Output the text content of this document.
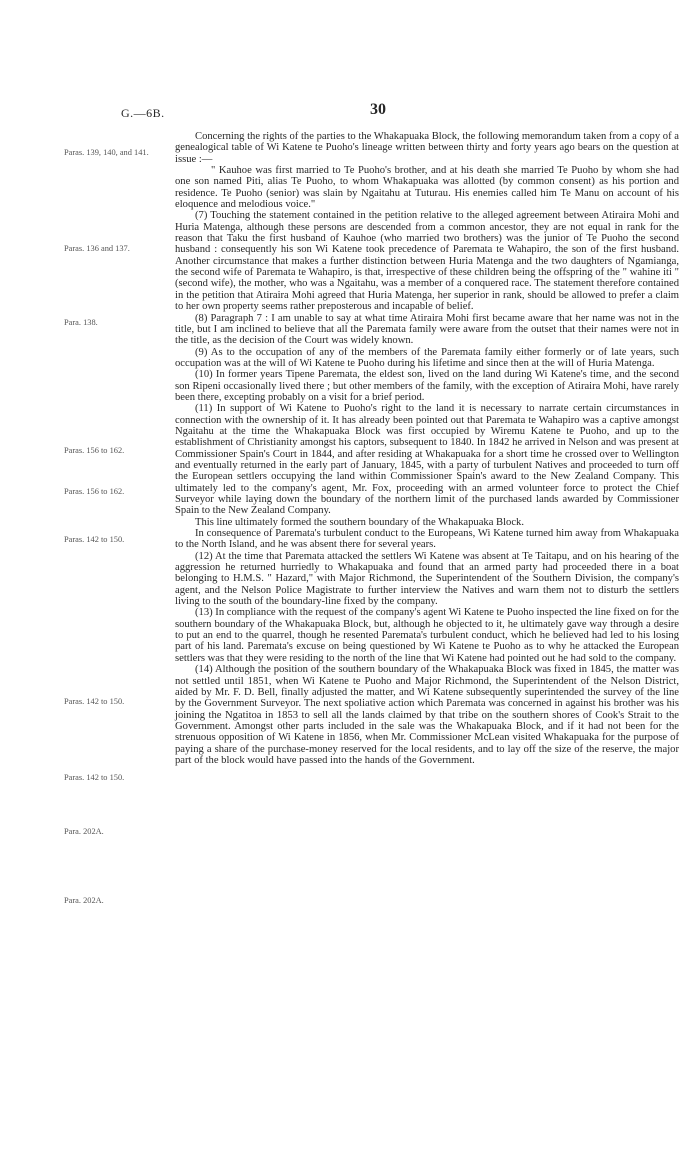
G.—6B.	30
Paras. 139, 140, and 141.
Paras. 136 and 137.
Para. 138.
Paras. 156 to 162.
Paras. 156 to 162.
Paras. 142 to 150.
Paras. 142 to 150.
Paras. 142 to 150.
Para. 202A.
Para. 202A.

Concerning the rights of the parties to the Whakapuaka Block, the following memorandum taken from a copy of a genealogical table of Wi Katene te Puoho's lineage written between thirty and forty years ago bears on the question at issue :—

" Kauhoe was first married to Te Puoho's brother, and at his death she married Te Puoho by whom she had one son named Piti, alias Te Puoho, to whom Whakapuaka was allotted (by common consent) as his portion and residence. Te Puoho (senior) was slain by Ngaitahu at Tuturau. His enemies called him Te Manu on account of his eloquence and melodious voice."

(7) Touching the statement contained in the petition relative to the alleged agreement between Atiraira Mohi and Huria Matenga, although these persons are descended from a common ancestor, they are not equal in rank for the reason that Taku the first husband of Kauhoe (who married two brothers) was the junior of Te Puoho the second husband : consequently his son Wi Katene took precedence of Paremata te Wahapiro, the son of the first husband. Another circumstance that makes a further distinction between Huria Matenga and the two daughters of Ngamianga, the second wife of Paremata te Wahapiro, is that, irrespective of these children being the offspring of the " wahine iti " (second wife), the mother, who was a Ngaitahu, was a member of a conquered race. The statement therefore contained in the petition that Atiraira Mohi agreed that Huria Matenga, her superior in rank, should be allowed to prefer a claim to her own property seems rather preposterous and incapable of belief.

(8) Paragraph 7 : I am unable to say at what time Atiraira Mohi first became aware that her name was not in the title, but I am inclined to believe that all the Paremata family were aware from the outset that their names were not in the title, as the decision of the Court was widely known.

(9) As to the occupation of any of the members of the Paremata family either formerly or of late years, such occupation was at the will of Wi Katene te Puoho during his lifetime and since then at the will of Huria Matenga.

(10) In former years Tipene Paremata, the eldest son, lived on the land during Wi Katene's time, and the second son Ripeni occasionally lived there ; but other members of the family, with the exception of Atiraira Mohi, have rarely been there, excepting probably on a visit for a brief period.

(11) In support of Wi Katene to Puoho's right to the land it is necessary to narrate certain circumstances in connection with the ownership of it. It has already been pointed out that Paremata te Wahapiro was a captive amongst Ngaitahu at the time the Whakapuaka Block was first occupied by Wiremu Katene te Puoho, and up to the establishment of Christianity amongst his captors, subsequent to 1840. In 1842 he arrived in Nelson and was present at Commissioner Spain's Court in 1844, and after residing at Whakapuaka for a short time he crossed over to Wellington and eventually returned in the early part of January, 1845, with a party of turbulent Natives and proceeded to turn off the European settlers occupying the land within Commissioner Spain's award to the New Zealand Company. This ultimately led to the company's agent, Mr. Fox, proceeding with an armed volunteer force to protect the Chief Surveyor while laying down the boundary of the northern limit of the purchased lands awarded by Commissioner Spain to the New Zealand Company.

This line ultimately formed the southern boundary of the Whakapuaka Block.

In consequence of Paremata's turbulent conduct to the Europeans, Wi Katene turned him away from Whakapuaka to the North Island, and he was absent there for several years.

(12) At the time that Paremata attacked the settlers Wi Katene was absent at Te Taitapu, and on his hearing of the aggression he returned hurriedly to Whakapuaka and found that an armed party had proceeded there in a boat belonging to H.M.S. " Hazard," with Major Richmond, the Superintendent of the Southern Division, the company's agent, and the Nelson Police Magistrate to further interview the Natives and warn them not to disturb the settlers living to the south of the boundary-line fixed by the company.

(13) In compliance with the request of the company's agent Wi Katene te Puoho inspected the line fixed on for the southern boundary of the Whakapuaka Block, but, although he objected to it, he ultimately gave way through a desire to put an end to the quarrel, though he resented Paremata's turbulent conduct, which he believed had led to his losing part of his land. Paremata's excuse on being questioned by Wi Katene te Puoho as to why he attacked the European settlers was that they were residing to the north of the line that Wi Katene had pointed out he had sold to the company.

(14) Although the position of the southern boundary of the Whakapuaka Block was fixed in 1845, the matter was not settled until 1851, when Wi Katene te Puoho and Major Richmond, the Superintendent of the Nelson District, aided by Mr. F. D. Bell, finally adjusted the matter, and Wi Katene subsequently superintended the survey of the line by the Government Surveyor. The next spoliative action which Paremata was concerned in against his brother was his joining the Ngatitoa in 1853 to sell all the lands claimed by that tribe on the southern shores of Cook's Strait to the Government. Amongst other parts included in the sale was the Whakapuaka Block, and if it had not been for the strenuous opposition of Wi Katene in 1856, when Mr. Commissioner McLean visited Whakapuaka for the purpose of paying a share of the purchase-money reserved for the local residents, and to lay off the size of the reserve, the major part of the block would have passed into the hands of the Government.
